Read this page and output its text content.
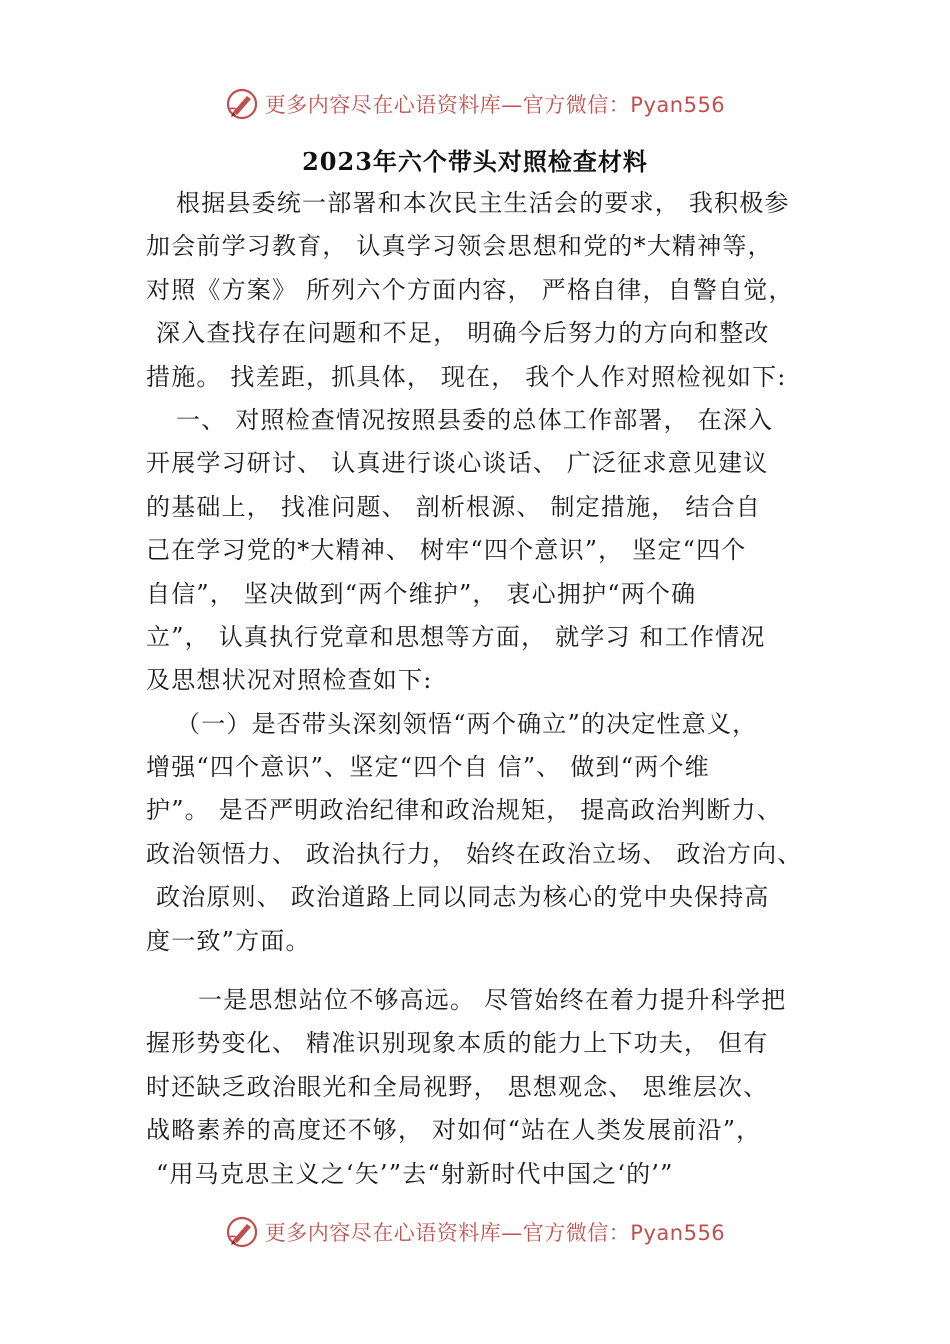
更多内容尽在心语资料库—官方微信：Pyan556
2023年六个带头对照检查材料
根据县委统一部署和本次民主生活会的要求， 我积极参
加会前学习教育， 认真学习领会思想和党的*大精神等，
对照《方案》 所列六个方面内容， 严格自律，自警自觉，
深入查找存在问题和不足， 明确今后努力的方向和整改
措施。 找差距，抓具体， 现在， 我个人作对照检视如下:
一、 对照检查情况按照县委的总体工作部署， 在深入
开展学习研讨、 认真进行谈心谈话、 广泛征求意见建议
的基础上， 找准问题、 剖析根源、 制定措施， 结合自
己在学习党的*大精神、 树牢“四个意识”， 坚定“四个
自信”， 坚决做到“两个维护”， 衷心拥护“两个确
立”， 认真执行党章和思想等方面， 就学习 和工作情况
及思想状况对照检查如下:
（一）是否带头深刻领悟“两个确立”的决定性意义，
增强“四个意识”、坚定“四个自 信”、 做到“两个维
护”。 是否严明政治纪律和政治规矩， 提高政治判断力、
政治领悟力、 政治执行力， 始终在政治立场、 政治方向、
政治原则、 政治道路上同以同志为核心的党中央保持高
度一致”方面。
一是思想站位不够高远。 尽管始终在着力提升科学把
握形势变化、 精准识别现象本质的能力上下功夫， 但有
时还缺乏政治眼光和全局视野， 思想观念、 思维层次、
战略素养的高度还不够， 对如何“站在人类发展前沿”，
“用马克思主义之‘矢’”去“射新时代中国之‘的’”
更多内容尽在心语资料库—官方微信：Pyan556
